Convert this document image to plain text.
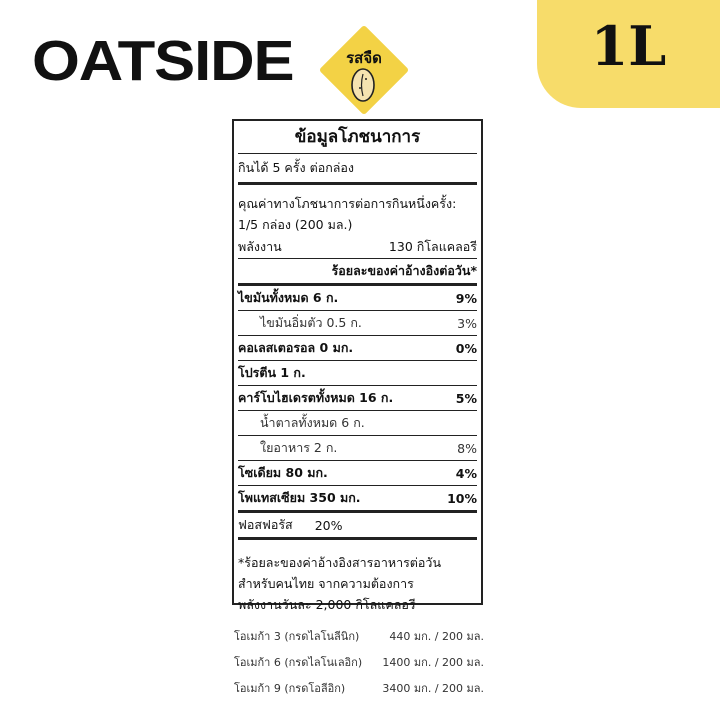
OATSIDE	รสจืด	1L
ข้อมูลโภชนาการ
กินได้ 5 ครั้ง ต่อกล่อง
คุณค่าทางโภชนาการต่อการกินหนึ่งครั้ง:
1/5 กล่อง (200 มล.)
พลังงาน	130 กิโลแคลอรี
ร้อยละของค่าอ้างอิงต่อวัน*
ไขมันทั้งหมด 6 ก.	9%
ไขมันอิ่มตัว 0.5 ก.	3%
คอเลสเตอรอล 0 มก.	0%
โปรตีน 1 ก.
คาร์โบไฮเดรตทั้งหมด 16 ก.	5%
น้ำตาลทั้งหมด 6 ก.
ใยอาหาร 2 ก.	8%
โซเดียม 80 มก.	4%
โพแทสเซียม 350 มก.	10%
ฟอสฟอรัส 20%
*ร้อยละของค่าอ้างอิงสารอาหารต่อวัน
สำหรับคนไทย จากความต้องการ
พลังงานวันละ 2,000 กิโลแคลอรี
โอเมก้า 3 (กรดไลโนลีนิก)	440 มก. / 200 มล.
โอเมก้า 6 (กรดไลโนเลอิก)	1400 มก. / 200 มล.
โอเมก้า 9 (กรดโอลีอิก)	3400 มก. / 200 มล.
